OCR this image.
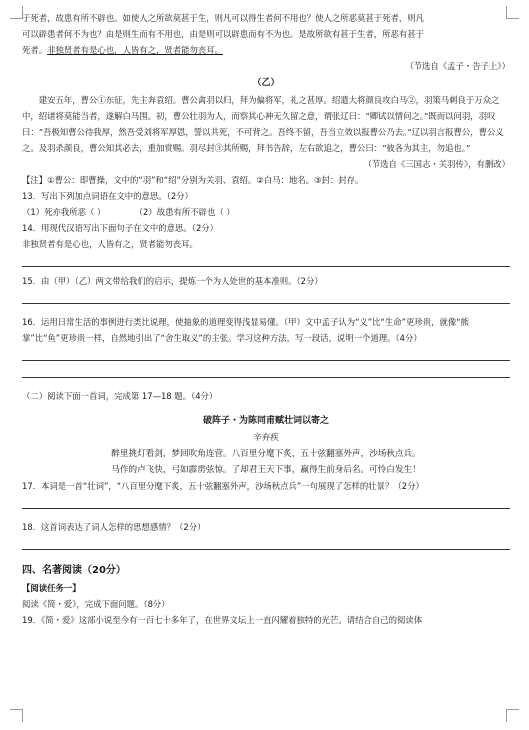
于死者，故患有所不辟也。如使人之所欲莫甚于生，则凡可以得生者何不用也？使人之所恶莫甚于死者，则凡

可以辟患者何不为也？由是则生而有不用也，由是则可以辟患而有不为也。是故所欲有甚于生者，所恶有甚于

死者。非独贤者有是心也，人皆有之，贤者能勿丧耳。

（节选自《孟子・告子上》）

（乙）

建安五年，曹公①东征，先主奔袁绍。曹公禽羽以归，拜为偏将军，礼之甚厚。绍遣大将颜良攻白马②，羽策马刺良于万众之中，绍诸将莫能当者，遂解白马围。初，曹公壮羽为人，而察其心神无久留之意，谓张辽曰：“卿试以情问之。”既而以问羽，羽叹曰：“吾极知曹公待我厚，然吾受刘将军厚恩，誓以共死，不可背之。吾终不留，吾当立效以报曹公乃去。”辽以羽言报曹公，曹公义之。及羽杀颜良，曹公知其必去，重加赏赐。羽尽封③其所赐，拜书告辞，左右欲追之，曹公曰：“彼各为其主，勿追也。”

（节选自《三国志・关羽传》，有删改）

【注】①曹公：即曹操，文中的“羽”和“绍”分别为关羽、袁绍。②白马：地名。③封：封存。

13．写出下列加点词语在文中的意思。（2分）

（1）死亦我所恶（ ）	（2）故患有所不辟也（ ）

14．用现代汉语写出下面句子在文中的意思。（2分）

非独贤者有是心也，人皆有之，贤者能勿丧耳。

15．由（甲）（乙）两文带给我们的启示，提炼一个为人处世的基本准则。（2分）

16．运用日常生活的事例进行类比说理，使抽象的道理变得浅显易懂。（甲）文中孟子认为“义”比“生命”更珍贵，就像“熊掌”比“鱼”更珍贵一样，自然地引出了“舍生取义”的主张。学习这种方法，写一段话，说明一个道理。（4分）

（二）阅读下面一首词，完成第 17—18 题。（4分）

破阵子・为陈同甫赋壮词以寄之

辛弃疾

醉里挑灯看剑，梦回吹角连营。八百里分麾下炙，五十弦翻塞外声，沙场秋点兵。

马作的卢飞快，弓如霹雳弦惊。了却君王天下事，赢得生前身后名。可怜白发生！

17．本词是一首“壮词”，“八百里分麾下炙，五十弦翻塞外声，沙场秋点兵”一句展现了怎样的壮景？（2分）

18．这首词表达了词人怎样的思想感情？（2分）

四、名著阅读（20分）

【阅读任务一】

阅读《简・爱》，完成下面问题。（8分）

19．《简・爱》这部小说至今有一百七十多年了，在世界文坛上一直闪耀着独特的光芒。请结合自己的阅读体
